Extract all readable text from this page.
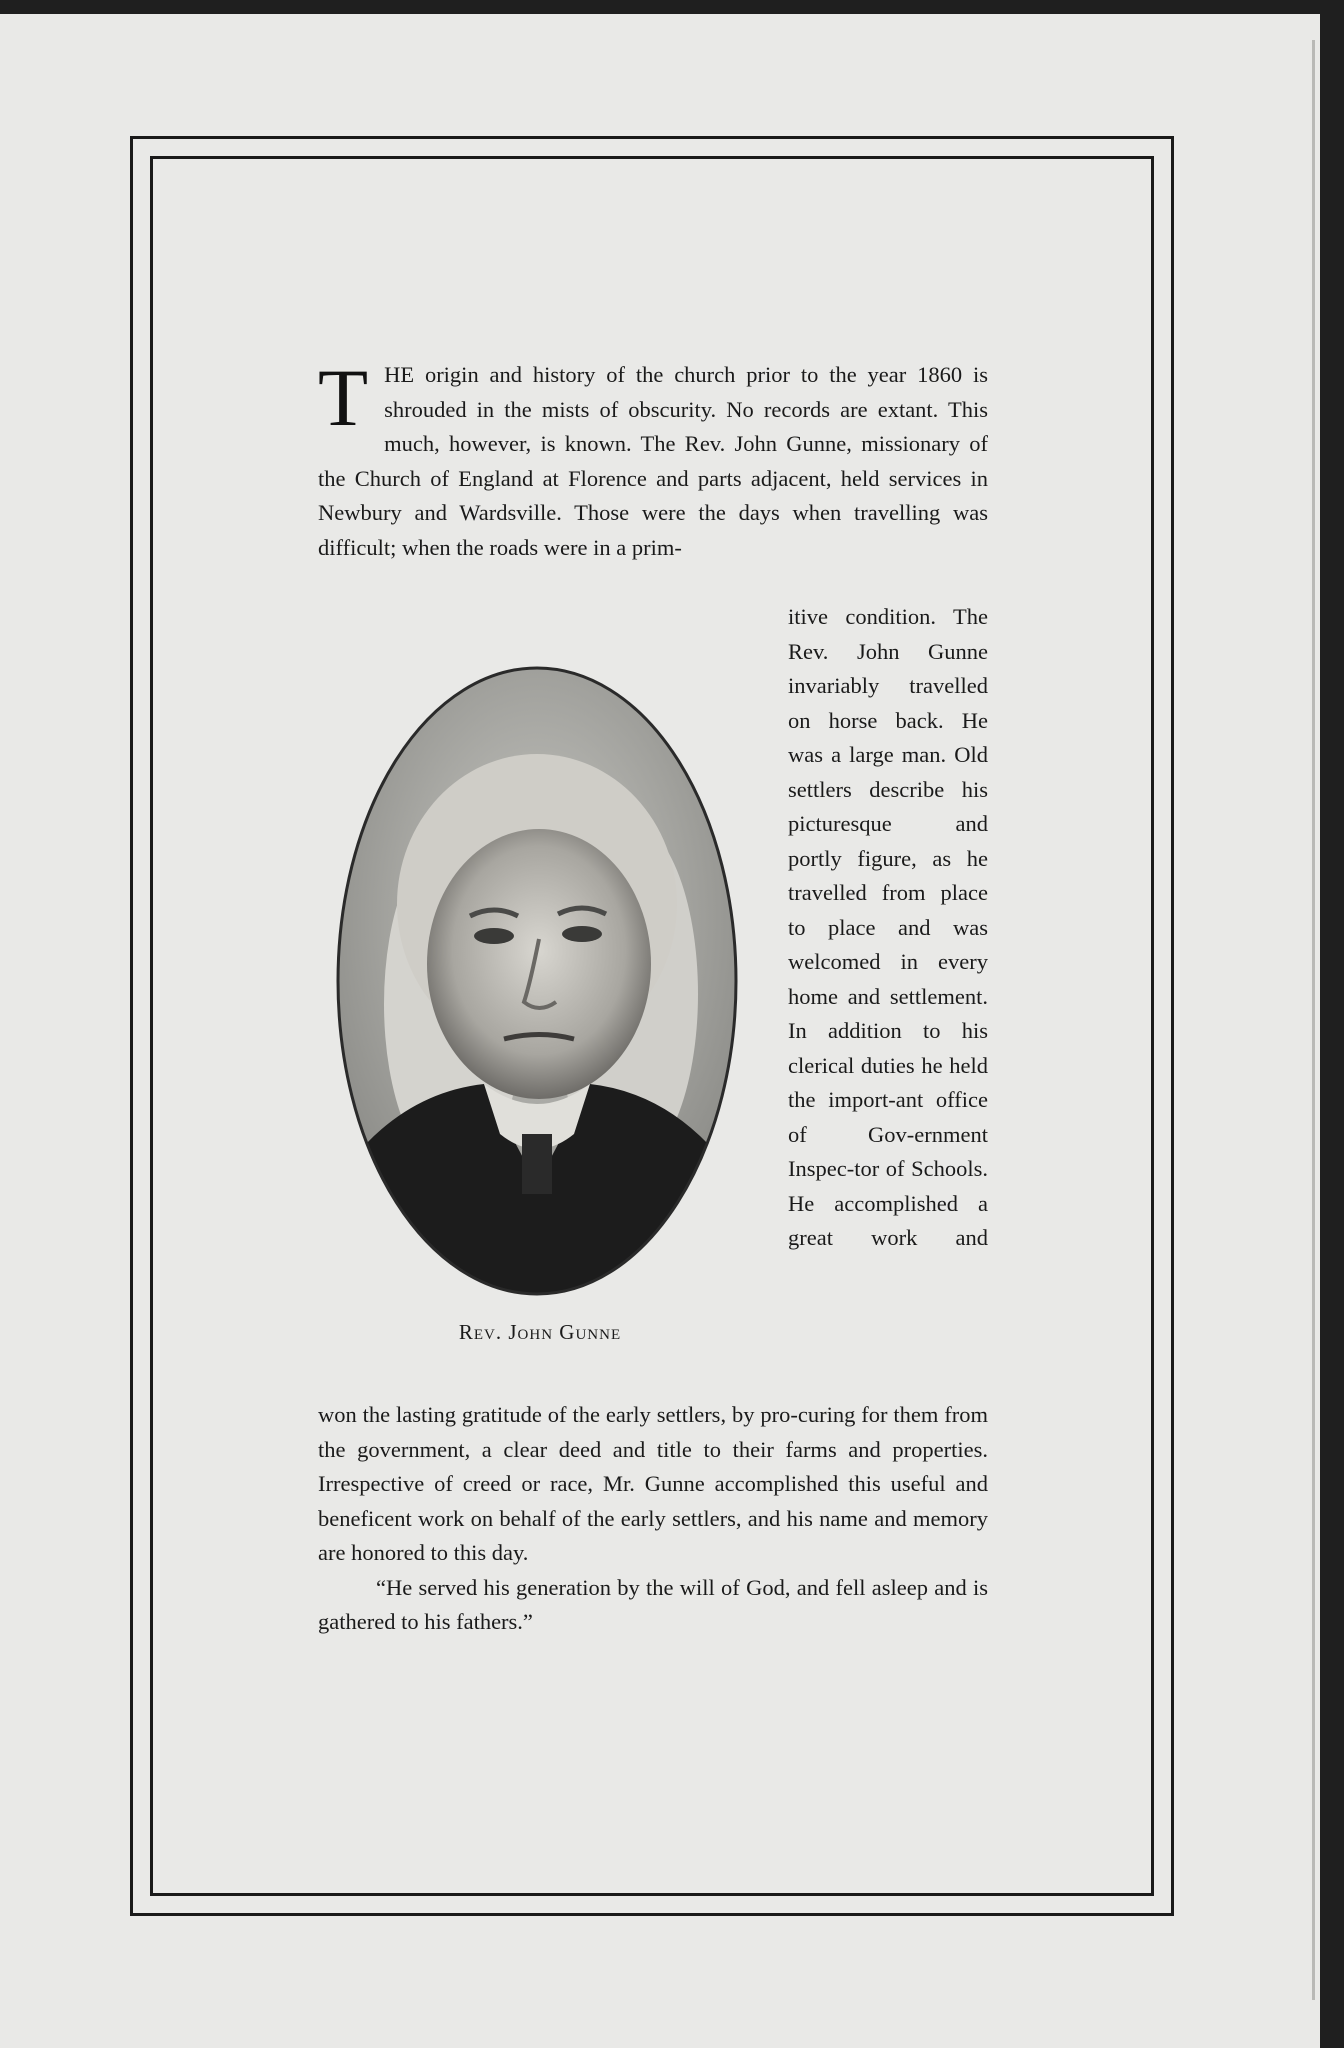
THE origin and history of the church prior to the year 1860 is shrouded in the mists of obscurity. No records are extant. This much, however, is known. The Rev. John Gunne, missionary of the Church of England at Florence and parts adjacent, held services in Newbury and Wardsville. Those were the days when travelling was difficult; when the roads were in a prim-

itive condition. The Rev. John Gunne invariably travelled on horse back. He was a large man. Old settlers describe his picturesque and portly figure, as he travelled from place to place and was welcomed in every home and settlement. In addition to his clerical duties he held the import-ant office of Gov-ernment Inspec-tor of Schools. He accomplished a great work and

Rev. John Gunne

won the lasting gratitude of the early settlers, by pro-curing for them from the government, a clear deed and title to their farms and properties. Irrespective of creed or race, Mr. Gunne accomplished this useful and beneficent work on behalf of the early settlers, and his name and memory are honored to this day.

“He served his generation by the will of God, and fell asleep and is gathered to his fathers.”
